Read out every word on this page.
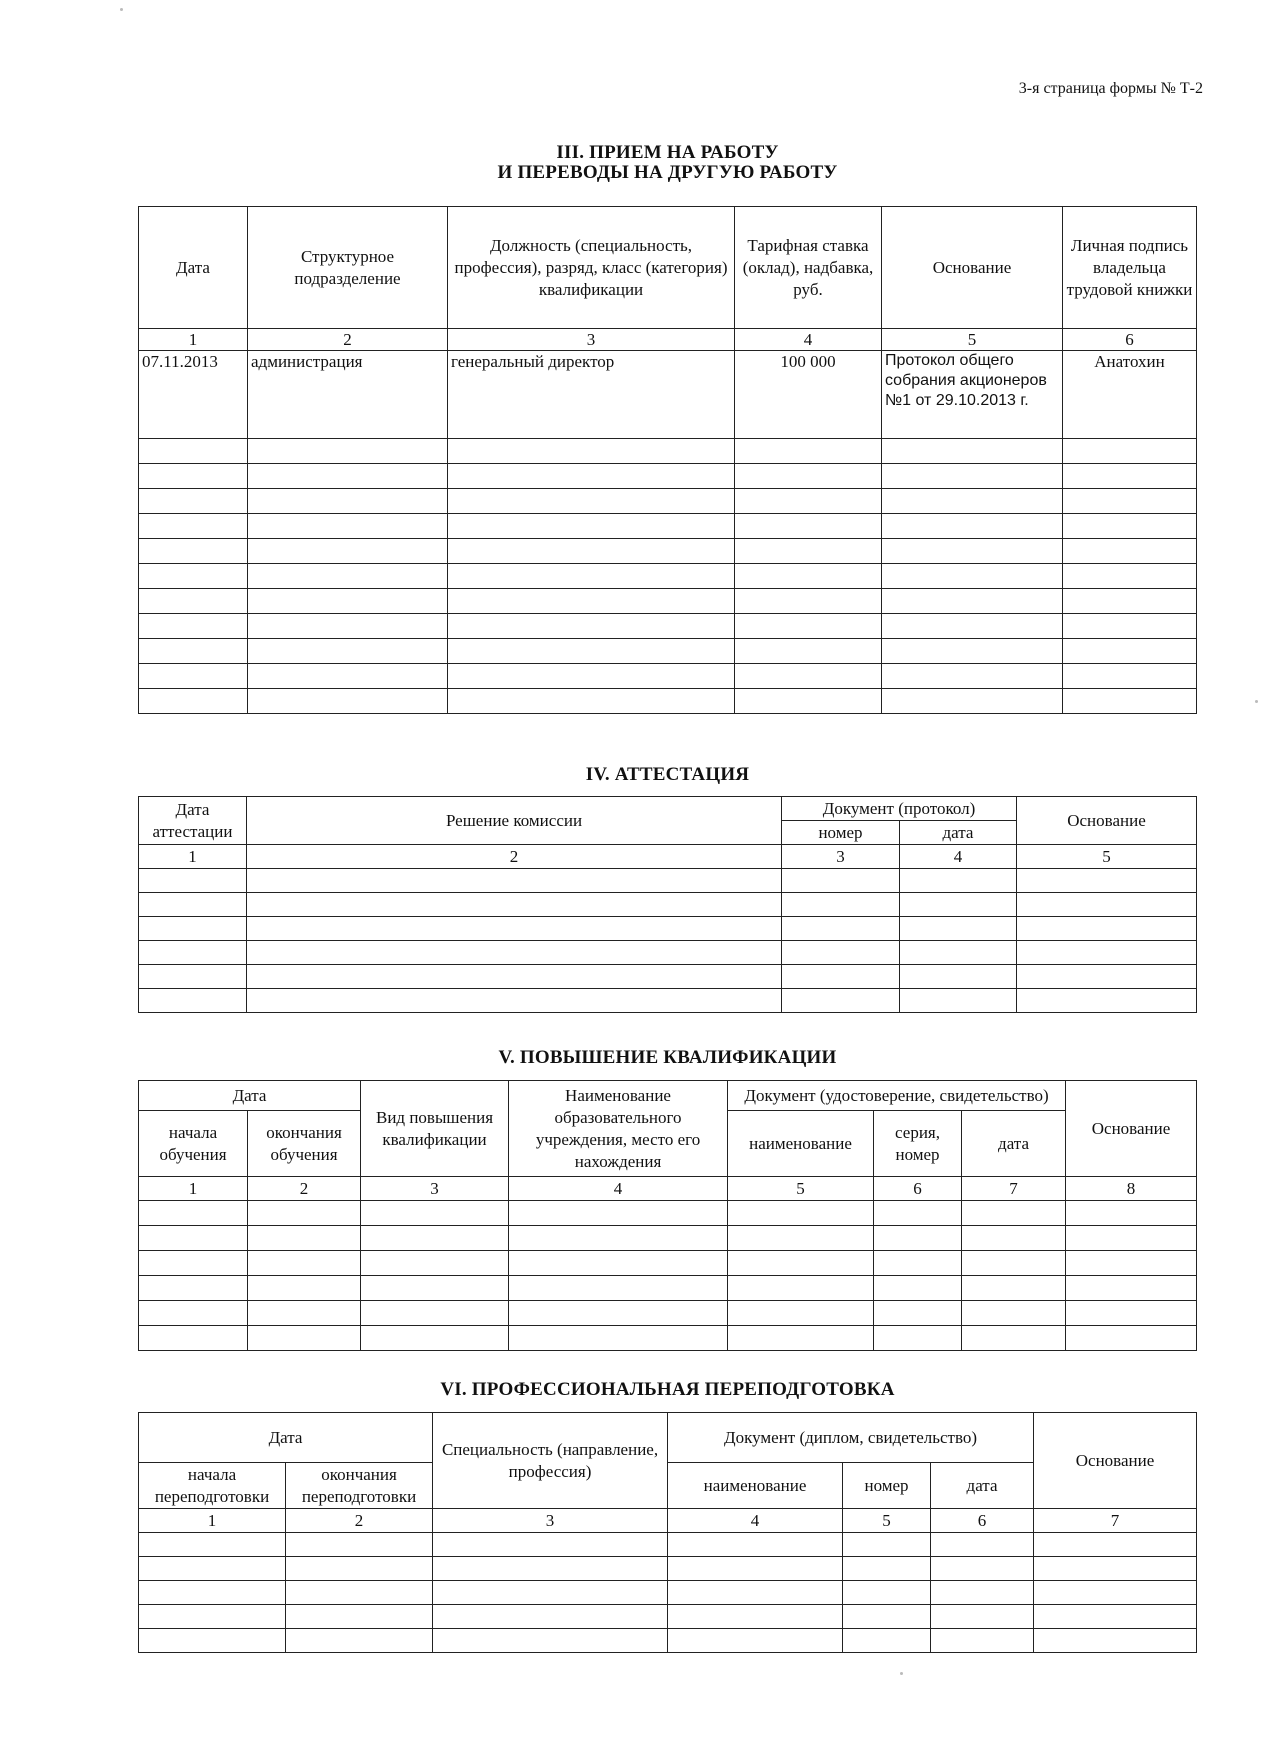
3-я страница формы № Т-2
III. ПРИЕМ НА РАБОТУ
И ПЕРЕВОДЫ НА ДРУГУЮ РАБОТУ
Дата	Структурное подразделение	Должность (специальность, профессия), разряд, класс (категория) квалификации	Тарифная ставка (оклад), надбавка, руб.	Основание	Личная подпись владельца трудовой книжки
1	2	3	4	5	6
07.11.2013	администрация	генеральный директор	100 000	Протокол общего собрания акционеров №1 от 29.10.2013 г.	Анатохин

IV. АТТЕСТАЦИЯ
Дата аттестации	Решение комиссии	Документ (протокол)		Основание
		номер	дата	
1	2	3	4	5

V. ПОВЫШЕНИЕ КВАЛИФИКАЦИИ
Дата		Вид повышения квалификации	Наименование образовательного учреждения, место его нахождения	Документ (удостоверение, свидетельство)			Основание
начала обучения	окончания обучения			наименование	серия, номер	дата	
1	2	3	4	5	6	7	8

VI. ПРОФЕССИОНАЛЬНАЯ ПЕРЕПОДГОТОВКА
Дата		Специальность (направление, профессия)	Документ (диплом, свидетельство)			Основание
начала переподготовки	окончания переподготовки		наименование	номер	дата	
1	2	3	4	5	6	7
